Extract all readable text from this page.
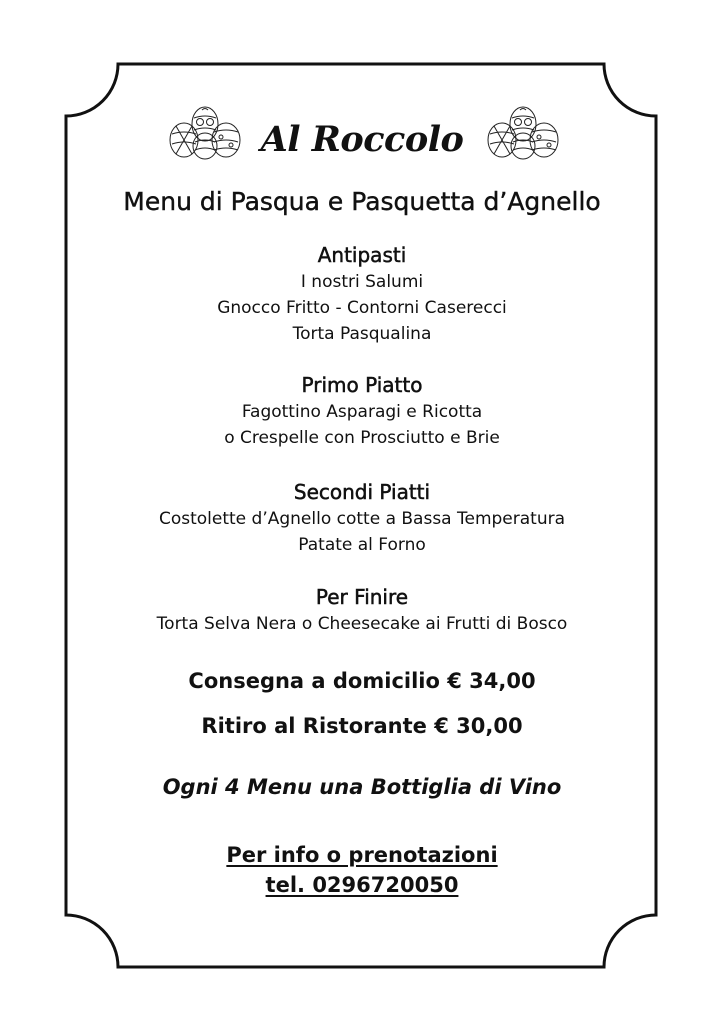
Al Roccolo
Menu di Pasqua e Pasquetta d’Agnello
Antipasti
I nostri Salumi
Gnocco Fritto - Contorni Caserecci
Torta Pasqualina
Primo Piatto
Fagottino Asparagi e Ricotta
o Crespelle con Prosciutto e Brie
Secondi Piatti
Costolette d’Agnello cotte a Bassa Temperatura
Patate al Forno
Per Finire
Torta Selva Nera o Cheesecake ai Frutti di Bosco
Consegna a domicilio € 34,00
Ritiro al Ristorante € 30,00
Ogni 4 Menu una Bottiglia di Vino
Per info o prenotazioni
tel. 0296720050
